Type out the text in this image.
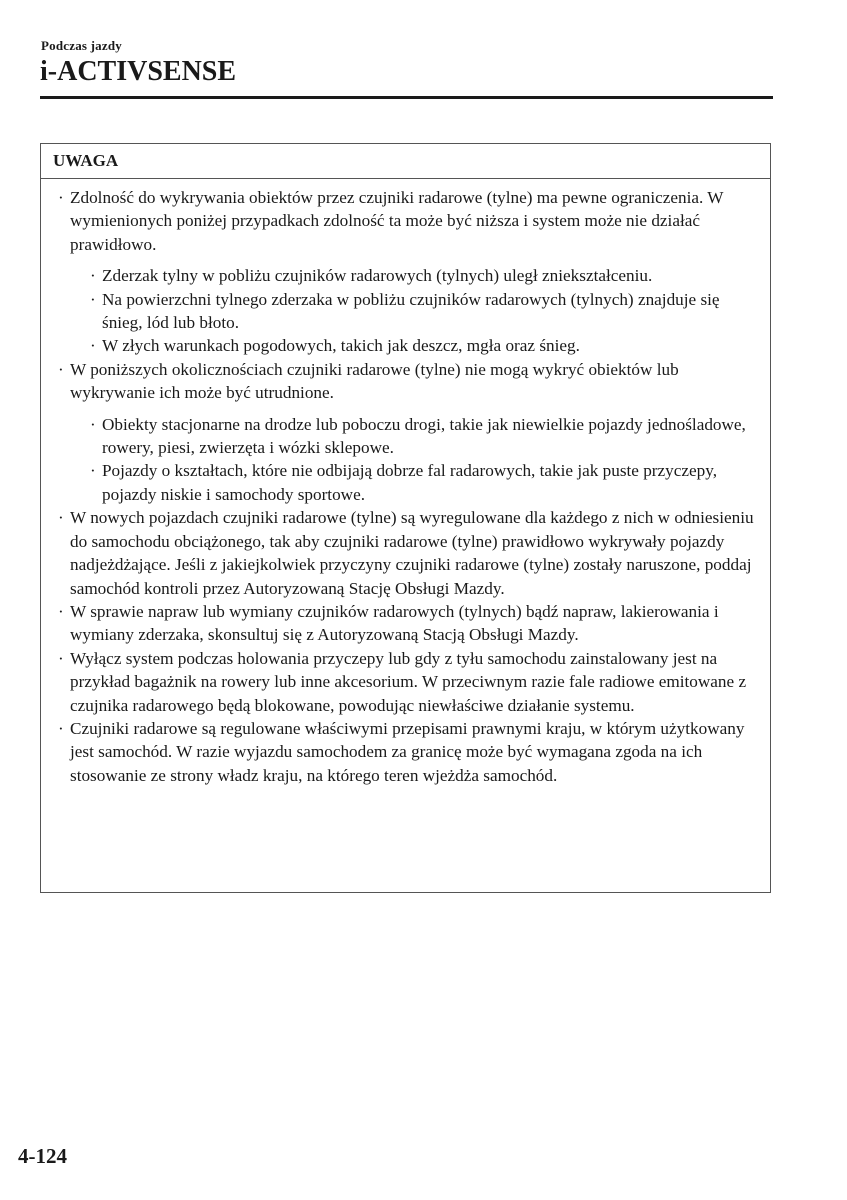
Podczas jazdy
i-ACTIVSENSE
UWAGA
· Zdolność do wykrywania obiektów przez czujniki radarowe (tylne) ma pewne ograniczenia. W wymienionych poniżej przypadkach zdolność ta może być niższa i system może nie działać prawidłowo.
· Zderzak tylny w pobliżu czujników radarowych (tylnych) uległ zniekształceniu.
· Na powierzchni tylnego zderzaka w pobliżu czujników radarowych (tylnych) znajduje się śnieg, lód lub błoto.
· W złych warunkach pogodowych, takich jak deszcz, mgła oraz śnieg.
· W poniższych okolicznościach czujniki radarowe (tylne) nie mogą wykryć obiektów lub wykrywanie ich może być utrudnione.
· Obiekty stacjonarne na drodze lub poboczu drogi, takie jak niewielkie pojazdy jednośladowe, rowery, piesi, zwierzęta i wózki sklepowe.
· Pojazdy o kształtach, które nie odbijają dobrze fal radarowych, takie jak puste przyczepy, pojazdy niskie i samochody sportowe.
· W nowych pojazdach czujniki radarowe (tylne) są wyregulowane dla każdego z nich w odniesieniu do samochodu obciążonego, tak aby czujniki radarowe (tylne) prawidłowo wykrywały pojazdy nadjeżdżające. Jeśli z jakiejkolwiek przyczyny czujniki radarowe (tylne) zostały naruszone, poddaj samochód kontroli przez Autoryzowaną Stację Obsługi Mazdy.
· W sprawie napraw lub wymiany czujników radarowych (tylnych) bądź napraw, lakierowania i wymiany zderzaka, skonsultuj się z Autoryzowaną Stacją Obsługi Mazdy.
· Wyłącz system podczas holowania przyczepy lub gdy z tyłu samochodu zainstalowany jest na przykład bagażnik na rowery lub inne akcesorium. W przeciwnym razie fale radiowe emitowane z czujnika radarowego będą blokowane, powodując niewłaściwe działanie systemu.
· Czujniki radarowe są regulowane właściwymi przepisami prawnymi kraju, w którym użytkowany jest samochód. W razie wyjazdu samochodem za granicę może być wymagana zgoda na ich stosowanie ze strony władz kraju, na którego teren wjeżdża samochód.
4-124
